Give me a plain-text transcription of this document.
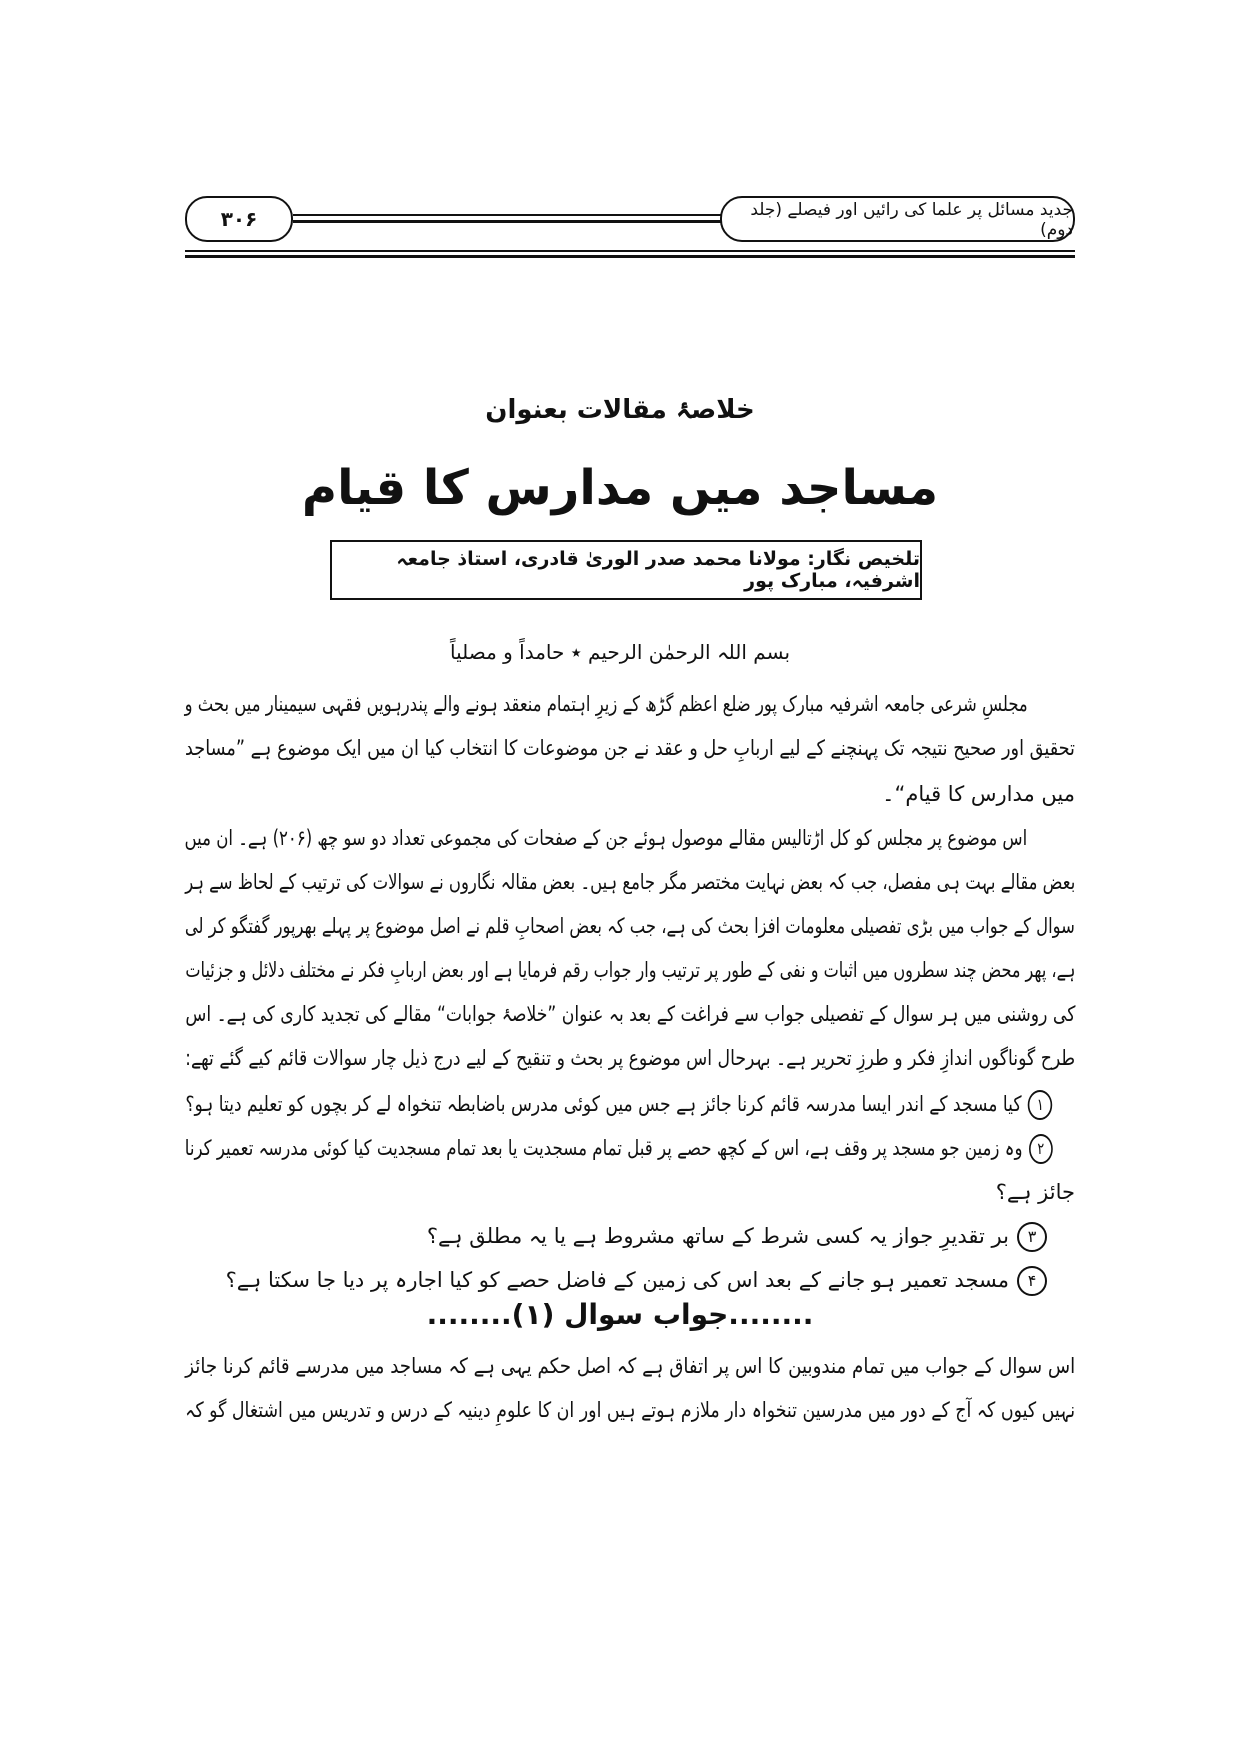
۳۰۶	جدید مسائل پر علما کی رائیں اور فیصلے (جلد دوم)
خلاصۂ مقالات بعنوان
مساجد میں مدارس کا قیام
تلخیص نگار: مولانا محمد صدر الوریٰ قادری، استاذ جامعہ اشرفیہ، مبارک پور
بسم اللہ الرحمٰن الرحیم ٭ حامداً و مصلیاً
مجلسِ شرعی جامعہ اشرفیہ مبارک پور ضلع اعظم گڑھ کے زیرِ اہتمام منعقد ہونے والے پندرہویں فقہی سیمینار میں بحث و
تحقیق اور صحیح نتیجہ تک پہنچنے کے لیے اربابِ حل و عقد نے جن موضوعات کا انتخاب کیا ان میں ایک موضوع ہے ”مساجد
میں مدارس کا قیام“۔
اس موضوع پر مجلس کو کل اڑتالیس مقالے موصول ہوئے جن کے صفحات کی مجموعی تعداد دو سو چھ (۲۰۶) ہے۔ ان میں
بعض مقالے بہت ہی مفصل، جب کہ بعض نہایت مختصر مگر جامع ہیں۔ بعض مقالہ نگاروں نے سوالات کی ترتیب کے لحاظ سے ہر
سوال کے جواب میں بڑی تفصیلی معلومات افزا بحث کی ہے، جب کہ بعض اصحابِ قلم نے اصل موضوع پر پہلے بھرپور گفتگو کر لی
ہے، پھر محض چند سطروں میں اثبات و نفی کے طور پر ترتیب وار جواب رقم فرمایا ہے اور بعض اربابِ فکر نے مختلف دلائل و جزئیات
کی روشنی میں ہر سوال کے تفصیلی جواب سے فراغت کے بعد بہ عنوان ”خلاصۂ جوابات“ مقالے کی تجدید کاری کی ہے۔ اس
طرح گوناگوں اندازِ فکر و طرزِ تحریر ہے۔ بہرحال اس موضوع پر بحث و تنقیح کے لیے درج ذیل چار سوالات قائم کیے گئے تھے:
۱کیا مسجد کے اندر ایسا مدرسہ قائم کرنا جائز ہے جس میں کوئی مدرس باضابطہ تنخواہ لے کر بچوں کو تعلیم دیتا ہو؟
۲وہ زمین جو مسجد پر وقف ہے، اس کے کچھ حصے پر قبل تمام مسجدیت یا بعد تمام مسجدیت کیا کوئی مدرسہ تعمیر کرنا
جائز ہے؟
۳بر تقدیرِ جواز یہ کسی شرط کے ساتھ مشروط ہے یا یہ مطلق ہے؟
۴مسجد تعمیر ہو جانے کے بعد اس کی زمین کے فاضل حصے کو کیا اجارہ پر دیا جا سکتا ہے؟
........جواب سوال (۱)........
اس سوال کے جواب میں تمام مندوبین کا اس پر اتفاق ہے کہ اصل حکم یہی ہے کہ مساجد میں مدرسے قائم کرنا جائز
نہیں کیوں کہ آج کے دور میں مدرسین تنخواہ دار ملازم ہوتے ہیں اور ان کا علومِ دینیہ کے درس و تدریس میں اشتغال گو کہ
